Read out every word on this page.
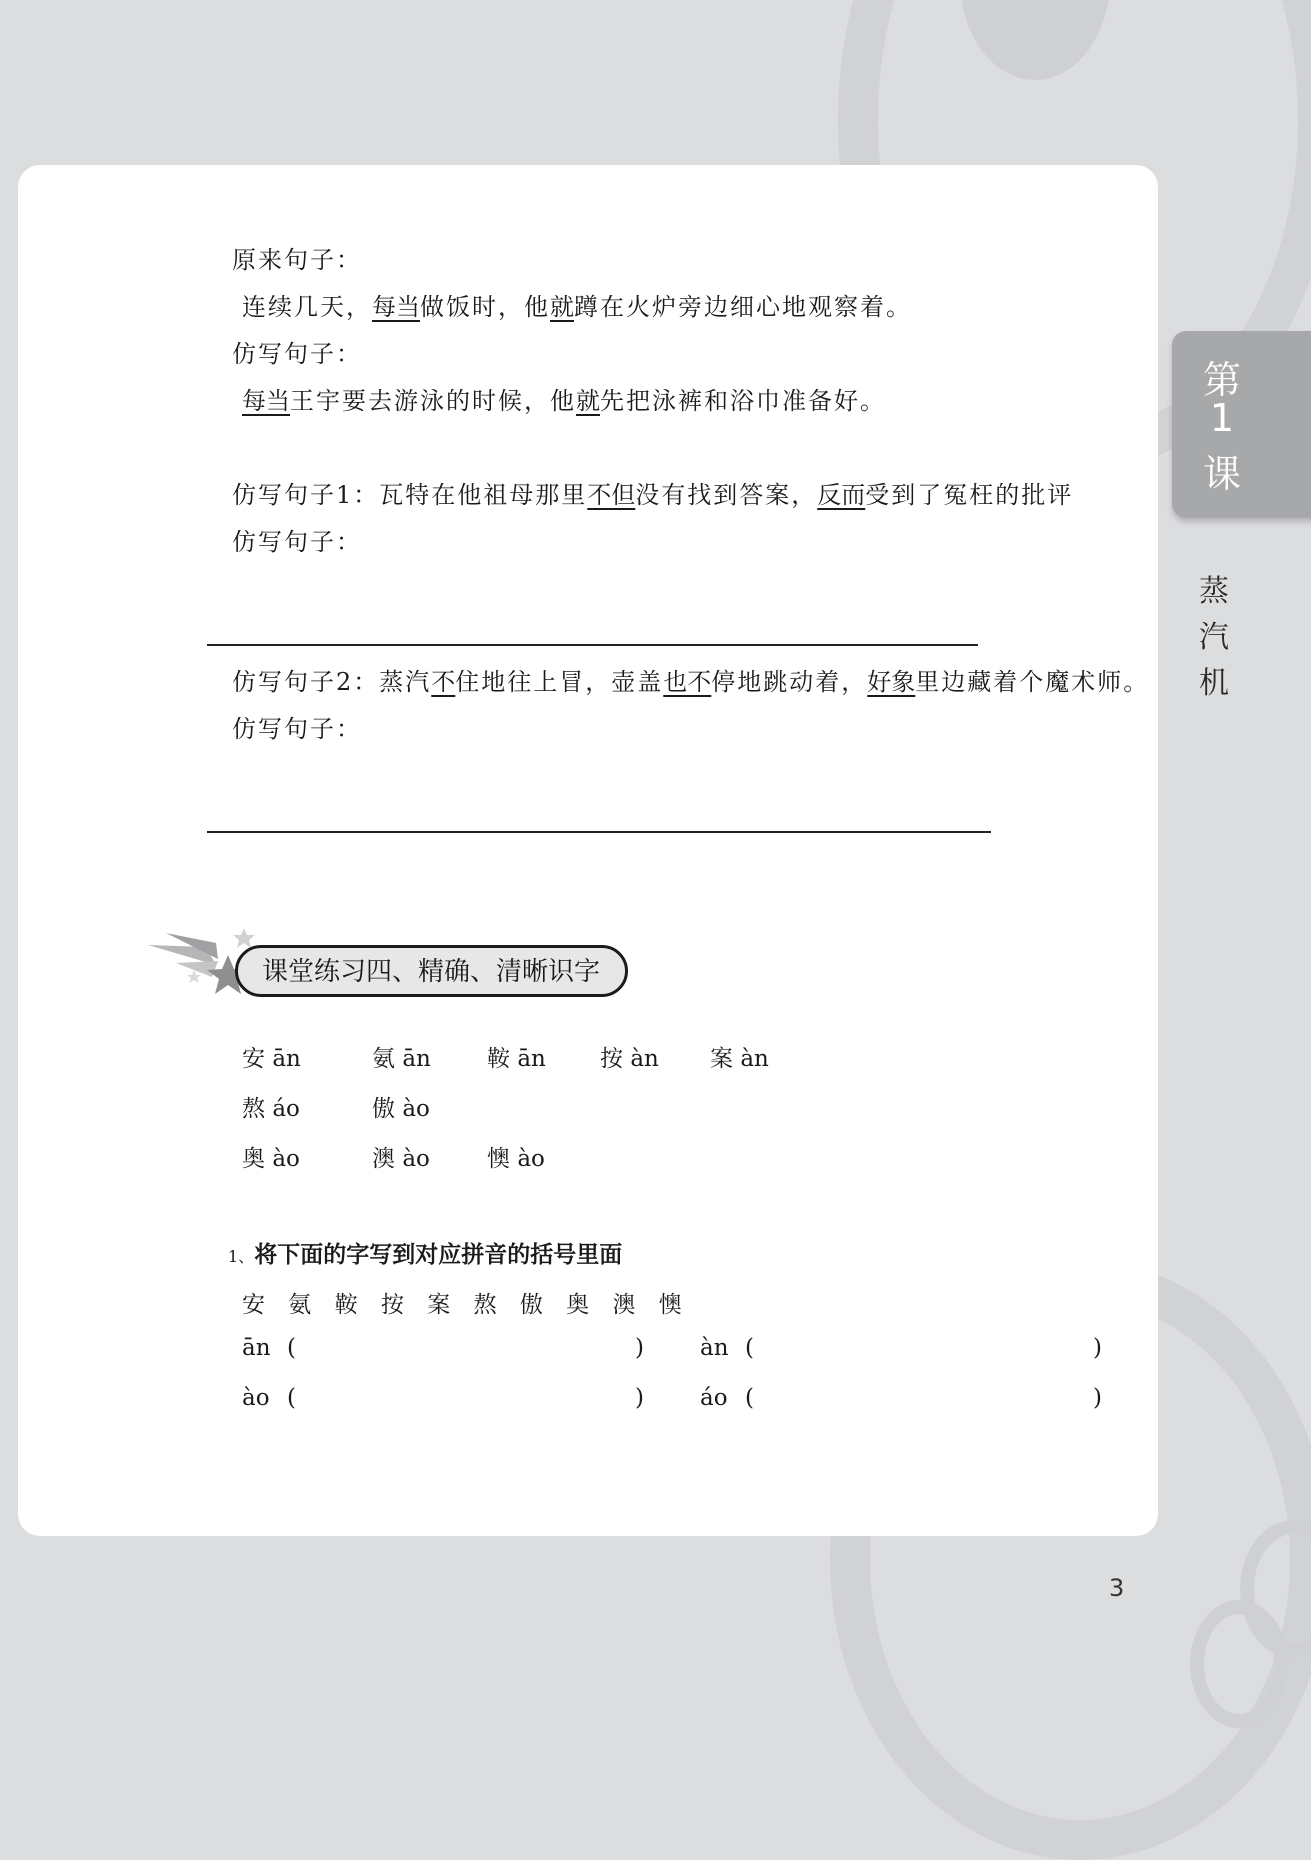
原来句子：
连续几天，每当做饭时，他就蹲在火炉旁边细心地观察着。
仿写句子：
每当王宇要去游泳的时候，他就先把泳裤和浴巾准备好。
仿写句子1：瓦特在他祖母那里不但没有找到答案，反而受到了冤枉的批评
仿写句子：
仿写句子2：蒸汽不住地往上冒，壶盖也不停地跳动着，好象里边藏着个魔术师。
仿写句子：
课堂练习四、精确、清晰识字
安 ān	氨 ān 鞍 ān 按 àn 案 àn
熬 áo	傲 ào
奥 ào	澳 ào 懊 ào
1、将下面的字写到对应拼音的括号里面
安 氨 鞍 按 案 熬 傲 奥 澳 懊
ān (	) àn (	)
ào (	) áo (	)
第
1
课
蒸
汽
机
3
